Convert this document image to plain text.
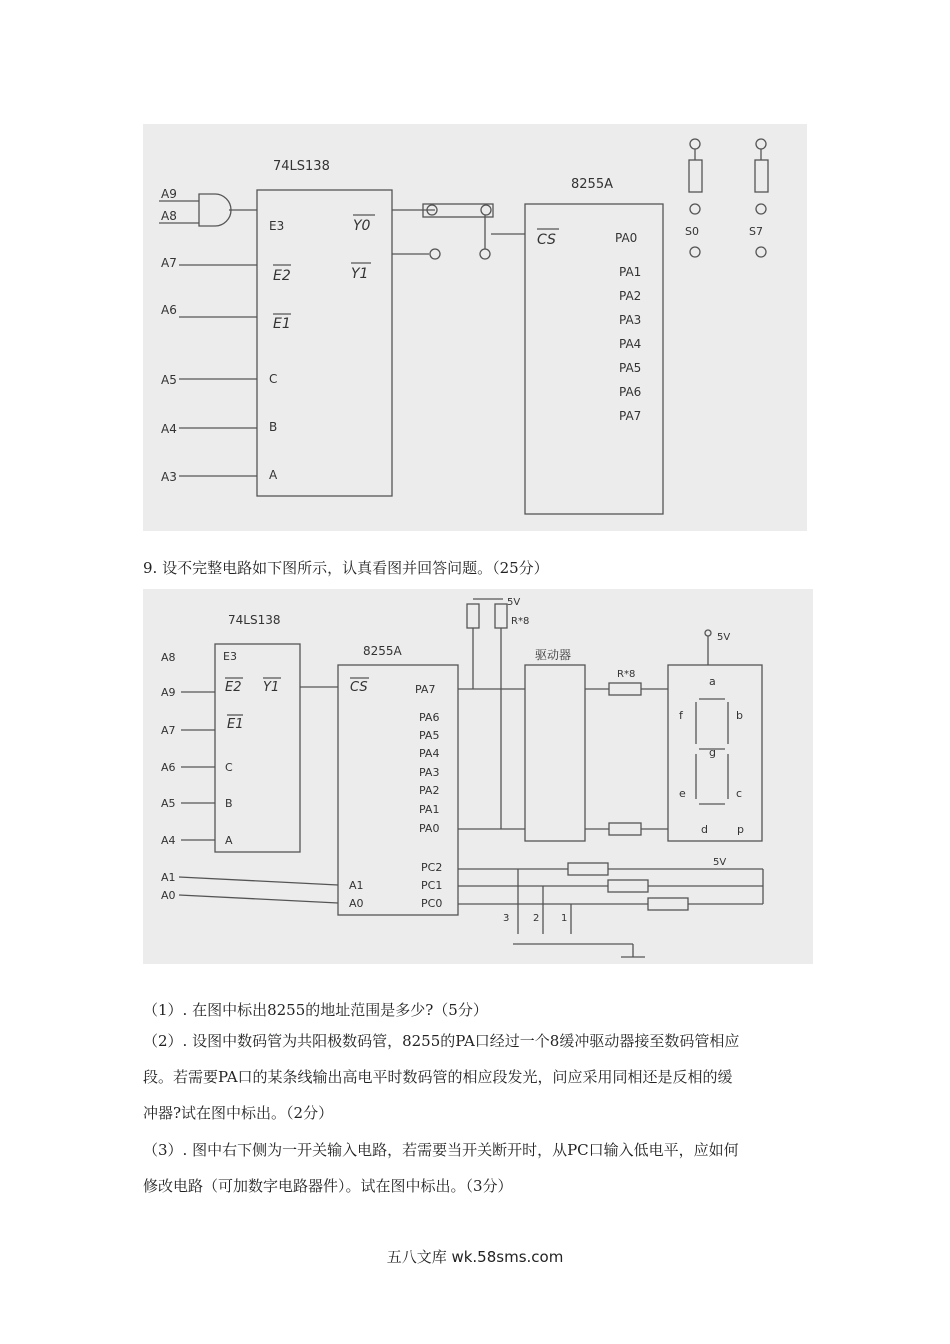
74LS138
A9
A8
A7
A6
A5
A4
A3
E3
E2
E1
C
B
A
Y0
Y1
8255A
CS	PA0
PA1
PA2
PA3
PA4
PA5
PA6
PA7
S0	S7
9. 设不完整电路如下图所示，认真看图并回答问题。（25分）
74LS138
A8
A9
A7
A6
A5
A4
E3
E2 Y1
E1
C
B
A
8255A
CS	PA7
PA6
PA5
PA4
PA3
PA2
PA1
PA0
PC2
PC1
PC0
A1
A0
A1
A0
5V
R*8
驱动器
R*8
5V
a
b
f
g
e	c
d	p
5V
3 2 1
（1）. 在图中标出8255的地址范围是多少?（5分）
（2）. 设图中数码管为共阳极数码管，8255的PA口经过一个8缓冲驱动器接至数码管相应
段。若需要PA口的某条线输出高电平时数码管的相应段发光，问应采用同相还是反相的缓
冲器?试在图中标出。（2分）
（3）. 图中右下侧为一开关输入电路，若需要当开关断开时，从PC口输入低电平，应如何
修改电路（可加数字电路器件）。试在图中标出。（3分）
五八文库 wk.58sms.com
